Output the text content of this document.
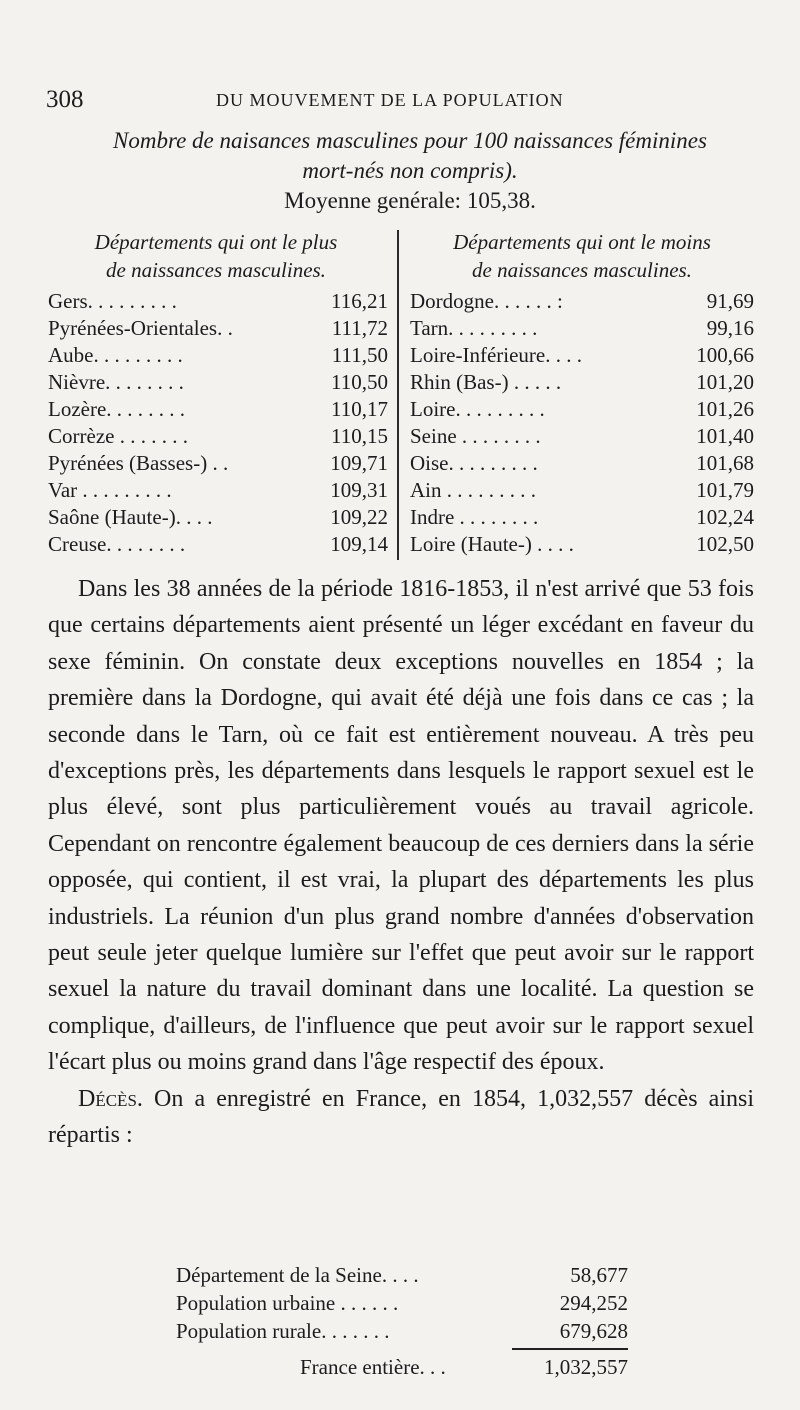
308	DU MOUVEMENT DE LA POPULATION
Nombre de naisances masculines pour 100 naissances féminines
mort-nés non compris).
Moyenne genérale: 105,38.
Départements qui ont le plus
de naissances masculines.
Départements qui ont le moins
de naissances masculines.
Gers. . . . . . . . .	116,21
Pyrénées-Orientales. .	111,72
Aube. . . . . . . . .	111,50
Nièvre. . . . . . . .	110,50
Lozère. . . . . . . .	110,17
Corrèze . . . . . . .	110,15
Pyrénées (Basses-) . .	109,71
Var . . . . . . . . .	109,31
Saône (Haute-). . . .	109,22
Creuse. . . . . . . .	109,14
Dordogne. . . . . . :	91,69
Tarn. . . . . . . . .	99,16
Loire-Inférieure. . . .	100,66
Rhin (Bas-) . . . . .	101,20
Loire. . . . . . . . .	101,26
Seine . . . . . . . .	101,40
Oise. . . . . . . . .	101,68
Ain . . . . . . . . .	101,79
Indre . . . . . . . .	102,24
Loire (Haute-) . . . .	102,50

Dans les 38 années de la période 1816-1853, il n'est arrivé que 53 fois que certains départements aient présenté un léger excédant en faveur du sexe féminin. On constate deux exceptions nouvelles en 1854 ; la première dans la Dordogne, qui avait été déjà une fois dans ce cas ; la seconde dans le Tarn, où ce fait est entièrement nouveau. A très peu d'exceptions près, les départements dans lesquels le rapport sexuel est le plus élevé, sont plus particulièrement voués au travail agricole. Cependant on rencontre également beaucoup de ces derniers dans la série opposée, qui contient, il est vrai, la plupart des départements les plus industriels. La réunion d'un plus grand nombre d'années d'observation peut seule jeter quelque lumière sur l'effet que peut avoir sur le rapport sexuel la nature du travail dominant dans une localité. La question se complique, d'ailleurs, de l'influence que peut avoir sur le rapport sexuel l'écart plus ou moins grand dans l'âge respectif des époux.

Décès. On a enregistré en France, en 1854, 1,032,557 décès ainsi répartis :

Département de la Seine. . . .	58,677
Population urbaine . . . . . .	294,252
Population rurale. . . . . . .	679,628
France entière. . .	1,032,557
